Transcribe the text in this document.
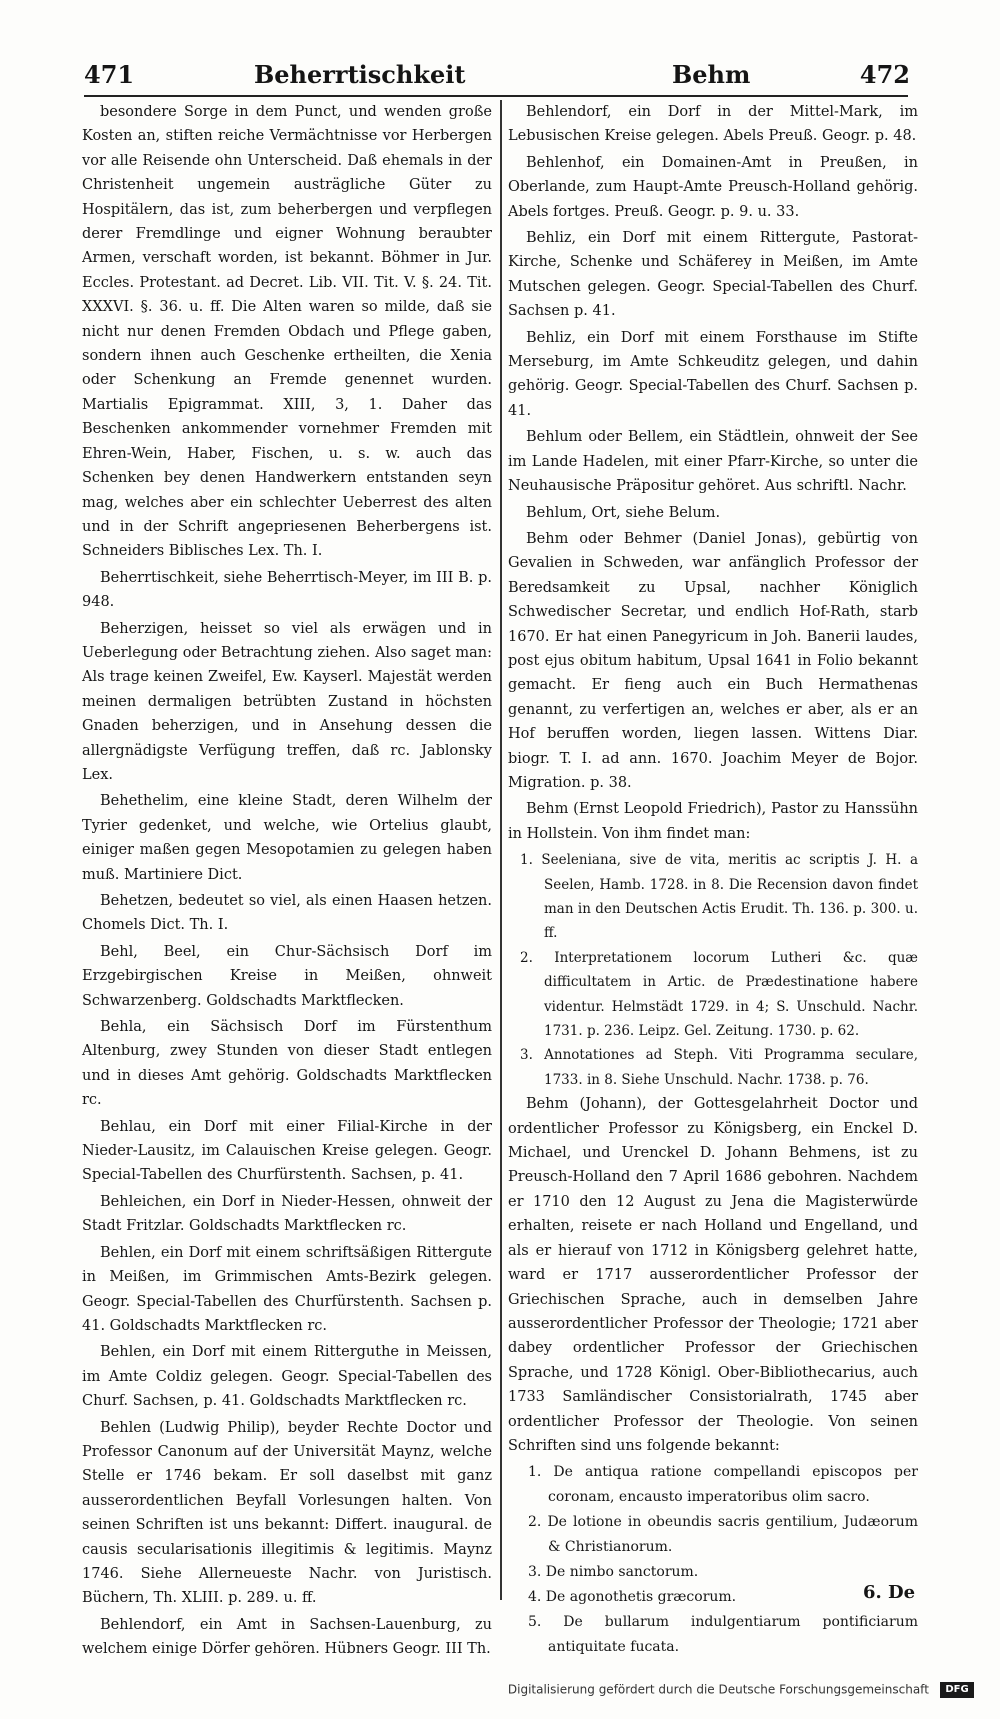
471	Beherrtischkeit	Behm	472

besondere Sorge in dem Punct, und wenden große Kosten an, stiften reiche Vermächtnisse vor Herbergen vor alle Reisende ohn Unterscheid. Daß ehemals in der Christenheit ungemein austrägliche Güter zu Hospitälern, das ist, zum beherbergen und verpflegen derer Fremdlinge und eigner Wohnung beraubter Armen, verschaft worden, ist bekannt. Böhmer in Jur. Eccles. Protestant. ad Decret. Lib. VII. Tit. V. §. 24. Tit. XXXVI. §. 36. u. ff. Die Alten waren so milde, daß sie nicht nur denen Fremden Obdach und Pflege gaben, sondern ihnen auch Geschenke ertheilten, die Xenia oder Schenkung an Fremde genennet wurden. Martialis Epigrammat. XIII, 3, 1. Daher das Beschenken ankommender vornehmer Fremden mit Ehren-Wein, Haber, Fischen, u. s. w. auch das Schenken bey denen Handwerkern entstanden seyn mag, welches aber ein schlechter Ueberrest des alten und in der Schrift angepriesenen Beherbergens ist. Schneiders Biblisches Lex. Th. I.

Beherrtischkeit, siehe Beherrtisch-Meyer, im III B. p. 948.

Beherzigen, heisset so viel als erwägen und in Ueberlegung oder Betrachtung ziehen. Also saget man: Als trage keinen Zweifel, Ew. Kayserl. Majestät werden meinen dermaligen betrübten Zustand in höchsten Gnaden beherzigen, und in Ansehung dessen die allergnädigste Verfügung treffen, daß rc. Jablonsky Lex.

Behethelim, eine kleine Stadt, deren Wilhelm der Tyrier gedenket, und welche, wie Ortelius glaubt, einiger maßen gegen Mesopotamien zu gelegen haben muß. Martiniere Dict.

Behetzen, bedeutet so viel, als einen Haasen hetzen. Chomels Dict. Th. I.

Behl, Beel, ein Chur-Sächsisch Dorf im Erzgebirgischen Kreise in Meißen, ohnweit Schwarzenberg. Goldschadts Marktflecken.

Behla, ein Sächsisch Dorf im Fürstenthum Altenburg, zwey Stunden von dieser Stadt entlegen und in dieses Amt gehörig. Goldschadts Marktflecken rc.

Behlau, ein Dorf mit einer Filial-Kirche in der Nieder-Lausitz, im Calauischen Kreise gelegen. Geogr. Special-Tabellen des Churfürstenth. Sachsen, p. 41.

Behleichen, ein Dorf in Nieder-Hessen, ohnweit der Stadt Fritzlar. Goldschadts Marktflecken rc.

Behlen, ein Dorf mit einem schriftsäßigen Rittergute in Meißen, im Grimmischen Amts-Bezirk gelegen. Geogr. Special-Tabellen des Churfürstenth. Sachsen p. 41. Goldschadts Marktflecken rc.

Behlen, ein Dorf mit einem Ritterguthe in Meissen, im Amte Coldiz gelegen. Geogr. Special-Tabellen des Churf. Sachsen, p. 41. Goldschadts Marktflecken rc.

Behlen (Ludwig Philip), beyder Rechte Doctor und Professor Canonum auf der Universität Maynz, welche Stelle er 1746 bekam. Er soll daselbst mit ganz ausserordentlichen Beyfall Vorlesungen halten. Von seinen Schriften ist uns bekannt: Differt. inaugural. de causis secularisationis illegitimis & legitimis. Maynz 1746. Siehe Allerneueste Nachr. von Juristisch. Büchern, Th. XLIII. p. 289. u. ff.

Behlendorf, ein Amt in Sachsen-Lauenburg, zu welchem einige Dörfer gehören. Hübners Geogr. III Th.

Behlendorf, ein Dorf in der Mittel-Mark, im Lebusischen Kreise gelegen. Abels Preuß. Geogr. p. 48.

Behlenhof, ein Domainen-Amt in Preußen, in Oberlande, zum Haupt-Amte Preusch-Holland gehörig. Abels fortges. Preuß. Geogr. p. 9. u. 33.

Behliz, ein Dorf mit einem Rittergute, Pastorat-Kirche, Schenke und Schäferey in Meißen, im Amte Mutschen gelegen. Geogr. Special-Tabellen des Churf. Sachsen p. 41.

Behliz, ein Dorf mit einem Forsthause im Stifte Merseburg, im Amte Schkeuditz gelegen, und dahin gehörig. Geogr. Special-Tabellen des Churf. Sachsen p. 41.

Behlum oder Bellem, ein Städtlein, ohnweit der See im Lande Hadelen, mit einer Pfarr-Kirche, so unter die Neuhausische Präpositur gehöret. Aus schriftl. Nachr.

Behlum, Ort, siehe Belum.

Behm oder Behmer (Daniel Jonas), gebürtig von Gevalien in Schweden, war anfänglich Professor der Beredsamkeit zu Upsal, nachher Königlich Schwedischer Secretar, und endlich Hof-Rath, starb 1670. Er hat einen Panegyricum in Joh. Banerii laudes, post ejus obitum habitum, Upsal 1641 in Folio bekannt gemacht. Er fieng auch ein Buch Hermathenas genannt, zu verfertigen an, welches er aber, als er an Hof beruffen worden, liegen lassen. Wittens Diar. biogr. T. I. ad ann. 1670. Joachim Meyer de Bojor. Migration. p. 38.

Behm (Ernst Leopold Friedrich), Pastor zu Hanssühn in Hollstein. Von ihm findet man:

1. Seeleniana, sive de vita, meritis ac scriptis J. H. a Seelen, Hamb. 1728. in 8. Die Recension davon findet man in den Deutschen Actis Erudit. Th. 136. p. 300. u. ff.

2. Interpretationem locorum Lutheri &c. quæ difficultatem in Artic. de Prædestinatione habere videntur. Helmstädt 1729. in 4; S. Unschuld. Nachr. 1731. p. 236. Leipz. Gel. Zeitung. 1730. p. 62.

3. Annotationes ad Steph. Viti Programma seculare, 1733. in 8. Siehe Unschuld. Nachr. 1738. p. 76.

Behm (Johann), der Gottesgelahrheit Doctor und ordentlicher Professor zu Königsberg, ein Enckel D. Michael, und Urenckel D. Johann Behmens, ist zu Preusch-Holland den 7 April 1686 gebohren. Nachdem er 1710 den 12 August zu Jena die Magisterwürde erhalten, reisete er nach Holland und Engelland, und als er hierauf von 1712 in Königsberg gelehret hatte, ward er 1717 ausserordentlicher Professor der Griechischen Sprache, auch in demselben Jahre ausserordentlicher Professor der Theologie; 1721 aber dabey ordentlicher Professor der Griechischen Sprache, und 1728 Königl. Ober-Bibliothecarius, auch 1733 Samländischer Consistorialrath, 1745 aber ordentlicher Professor der Theologie. Von seinen Schriften sind uns folgende bekannt:

1. De antiqua ratione compellandi episcopos per coronam, encausto imperatoribus olim sacro.

2. De lotione in obeundis sacris gentilium, Judæorum & Christianorum.

3. De nimbo sanctorum.

4. De agonothetis græcorum.

5. De bullarum indulgentiarum pontificiarum antiquitate fucata.

6. De
Digitalisierung gefördert durch die Deutsche Forschungsgemeinschaft DFG
